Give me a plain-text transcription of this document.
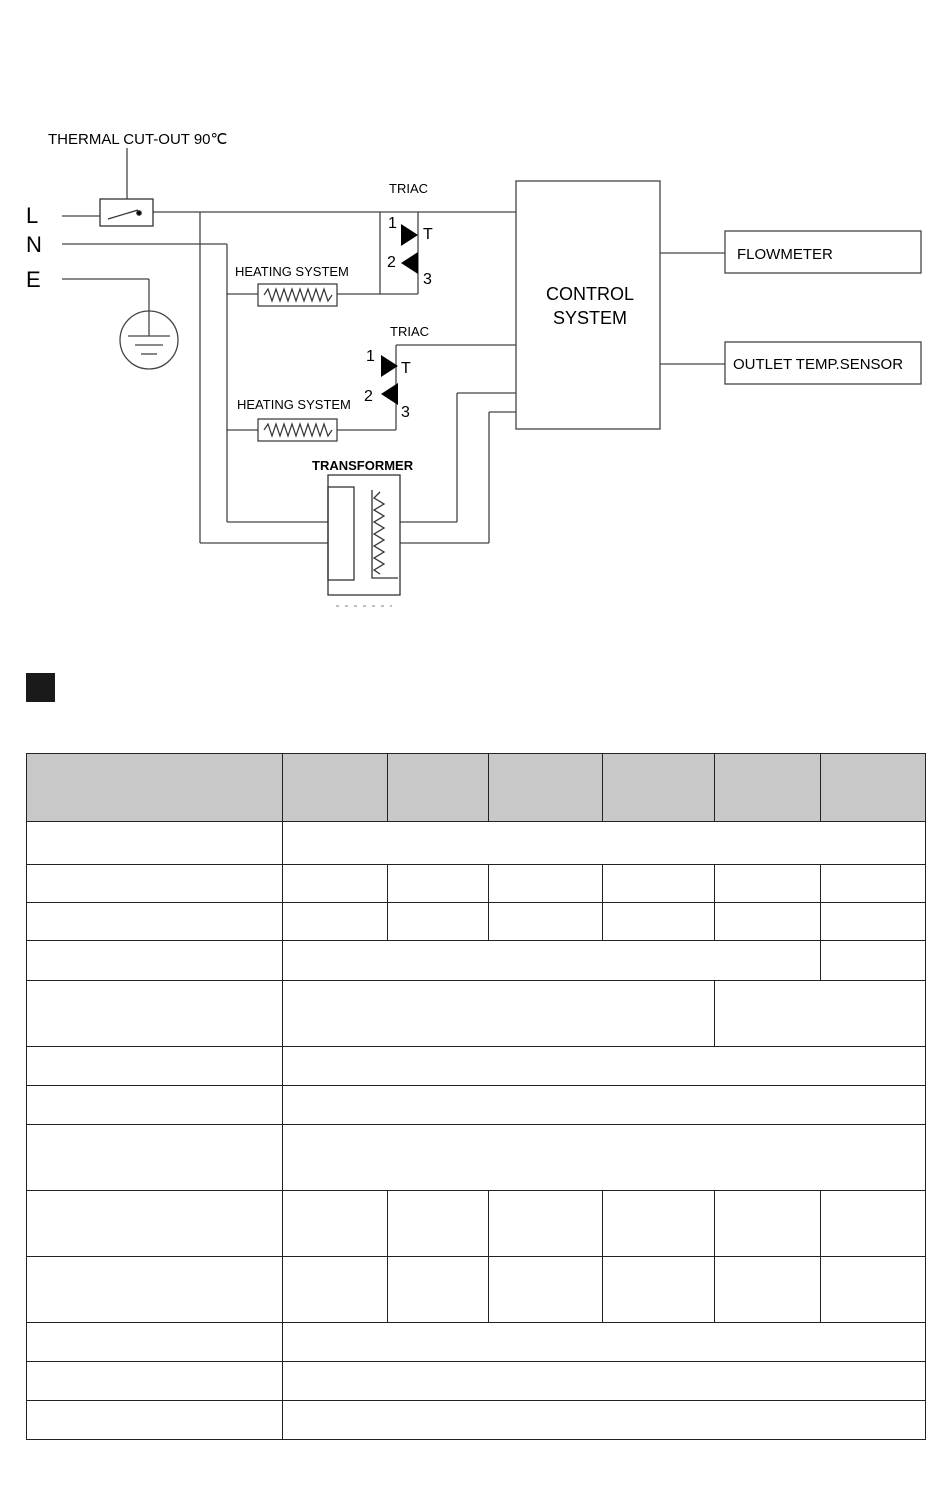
THERMAL CUT-OUT 90℃
L
N
E
TRIAC
1
T
2
3
HEATING SYSTEM
TRIAC
1
T
2
3
HEATING SYSTEM
TRANSFORMER
CONTROL
SYSTEM
FLOWMETER
OUTLET TEMP.SENSOR
